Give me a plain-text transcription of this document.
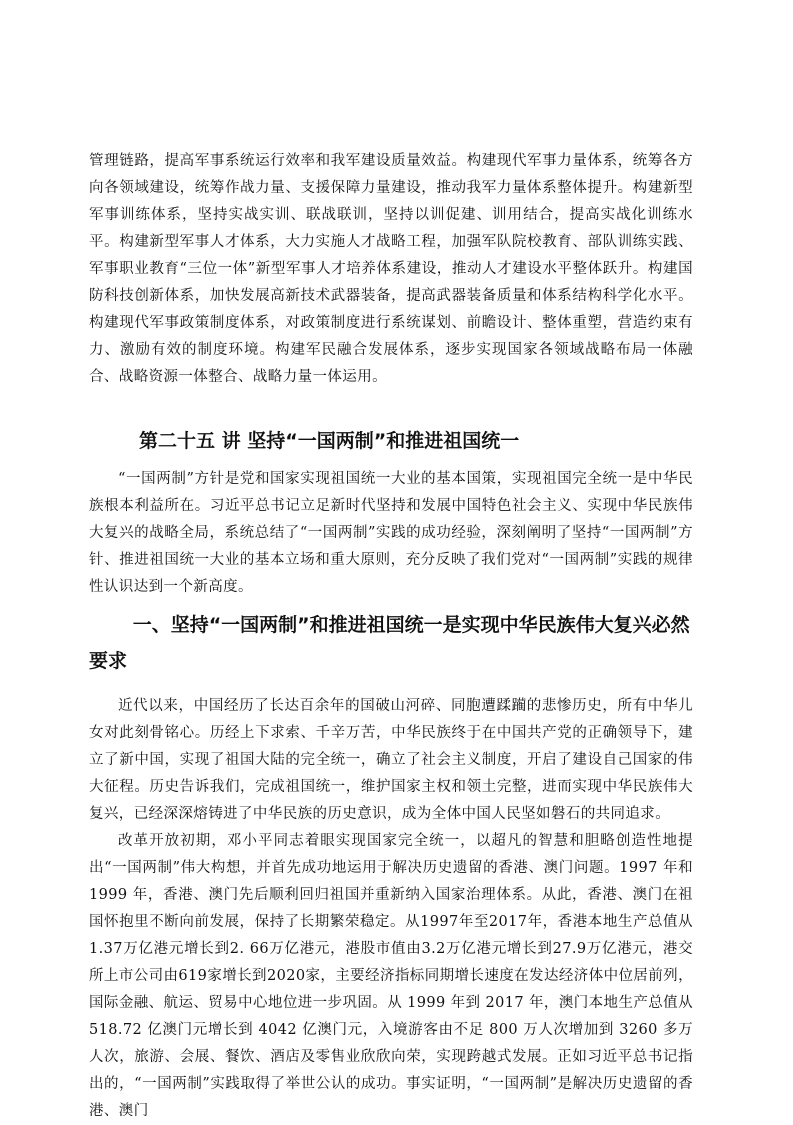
管理链路，提高军事系统运行效率和我军建设质量效益。构建现代军事力量体系，统筹各方向各领域建设，统筹作战力量、支援保障力量建设，推动我军力量体系整体提升。构建新型军事训练体系，坚持实战实训、联战联训，坚持以训促建、训用结合，提高实战化训练水平。构建新型军事人才体系，大力实施人才战略工程，加强军队院校教育、部队训练实践、军事职业教育“三位一体”新型军事人才培养体系建设，推动人才建设水平整体跃升。构建国防科技创新体系，加快发展高新技术武器装备，提高武器装备质量和体系结构科学化水平。构建现代军事政策制度体系，对政策制度进行系统谋划、前瞻设计、整体重塑，营造约束有力、激励有效的制度环境。构建军民融合发展体系，逐步实现国家各领域战略布局一体融合、战略资源一体整合、战略力量一体运用。

第二十五 讲 坚持“一国两制”和推进祖国统一

“一国两制”方针是党和国家实现祖国统一大业的基本国策，实现祖国完全统一是中华民族根本利益所在。习近平总书记立足新时代坚持和发展中国特色社会主义、实现中华民族伟大复兴的战略全局，系统总结了“一国两制”实践的成功经验，深刻阐明了坚持“一国两制”方针、推进祖国统一大业的基本立场和重大原则，充分反映了我们党对“一国两制”实践的规律性认识达到一个新高度。

一、坚持“一国两制”和推进祖国统一是实现中华民族伟大复兴必然要求

近代以来，中国经历了长达百余年的国破山河碎、同胞遭蹂躏的悲惨历史，所有中华儿女对此刻骨铭心。历经上下求索、千辛万苦，中华民族终于在中国共产党的正确领导下，建立了新中国，实现了祖国大陆的完全统一，确立了社会主义制度，开启了建设自己国家的伟大征程。历史告诉我们，完成祖国统一，维护国家主权和领土完整，进而实现中华民族伟大复兴，已经深深熔铸进了中华民族的历史意识，成为全体中国人民坚如磐石的共同追求。

改革开放初期，邓小平同志着眼实现国家完全统一，以超凡的智慧和胆略创造性地提出“一国两制”伟大构想，并首先成功地运用于解决历史遗留的香港、澳门问题。1997 年和 1999 年，香港、澳门先后顺利回归祖国并重新纳入国家治理体系。从此，香港、澳门在祖国怀抱里不断向前发展，保持了长期繁荣稳定。从1997年至2017年，香港本地生产总值从1.37万亿港元增长到2. 66万亿港元，港股市值由3.2万亿港元增长到27.9万亿港元，港交所上市公司由619家增长到2020家，主要经济指标同期增长速度在发达经济体中位居前列，国际金融、航运、贸易中心地位进一步巩固。从 1999 年到 2017 年，澳门本地生产总值从 518.72 亿澳门元增长到 4042 亿澳门元，入境游客由不足 800 万人次增加到 3260 多万人次，旅游、会展、餐饮、酒店及零售业欣欣向荣，实现跨越式发展。正如习近平总书记指出的，“一国两制”实践取得了举世公认的成功。事实证明，“一国两制”是解决历史遗留的香港、澳门
